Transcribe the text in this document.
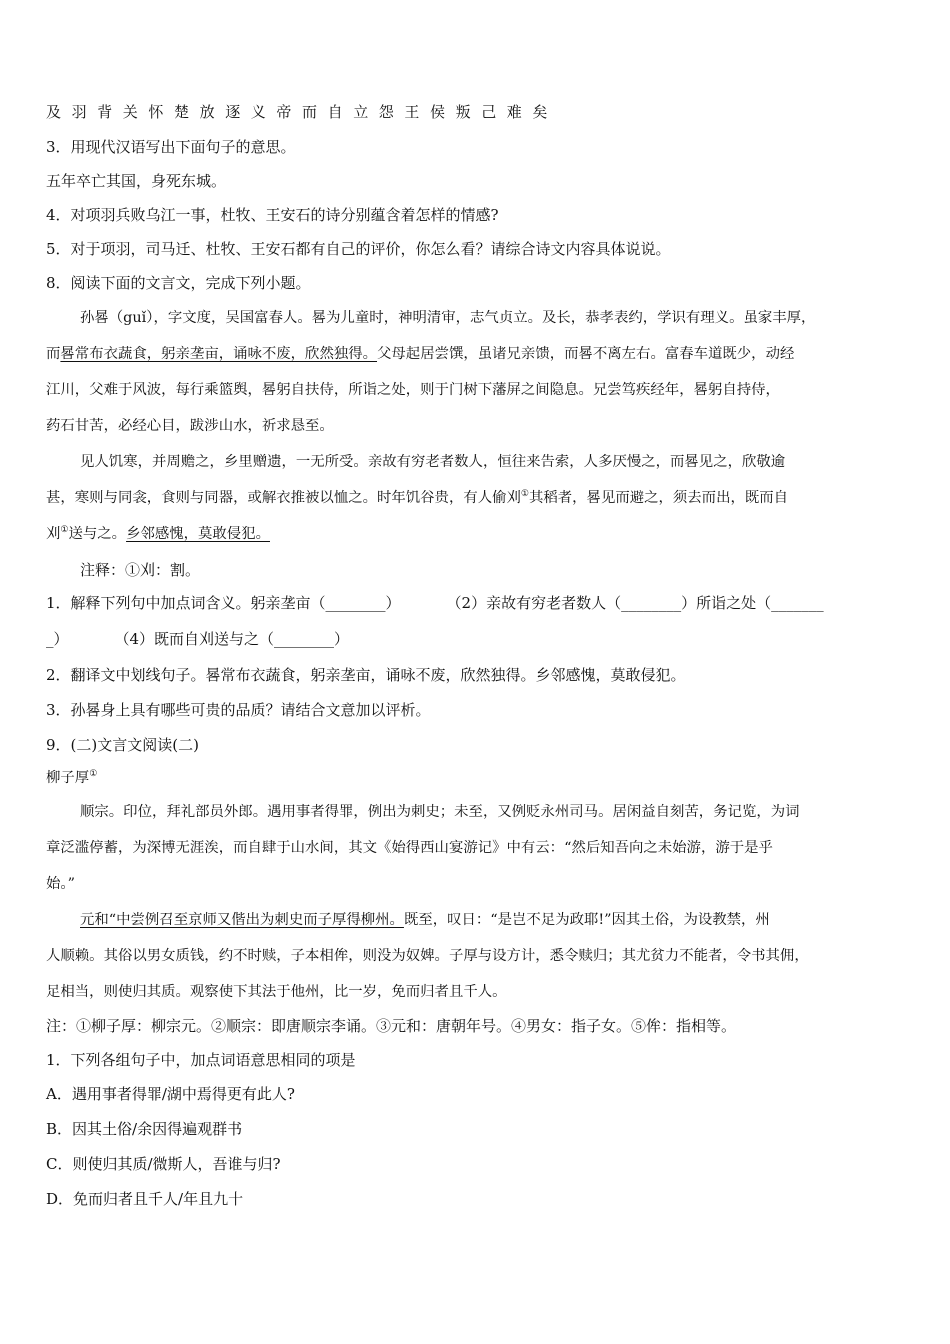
及羽背关怀楚放逐义帝而自立怨王侯叛己难矣
3．用现代汉语写出下面句子的意思。
五年卒亡其国，身死东城。
4．对项羽兵败乌江一事，杜牧、王安石的诗分别蕴含着怎样的情感?
5．对于项羽，司马迁、杜牧、王安石都有自己的评价，你怎么看？请综合诗文内容具体说说。
8．阅读下面的文言文，完成下列小题。
孙晷（guǐ），字文度，吴国富春人。晷为儿童时，神明清审，志气贞立。及长，恭孝表约，学识有理义。虽家丰厚，
而晷常布衣蔬食，躬亲垄亩，诵咏不废，欣然独得。父母起居尝馔，虽诸兄亲馈，而晷不离左右。富春车道既少，动经
江川，父难于风波，每行乘篮舆，晷躬自扶侍，所诣之处，则于门树下藩屏之间隐息。兄尝笃疾经年，晷躬自持侍，
药石甘苦，必经心目，跋涉山水，祈求恳至。
见人饥寒，并周赡之，乡里赠遗，一无所受。亲故有穷老者数人，恒往来告索，人多厌慢之，而晷见之，欣敬逾
甚，寒则与同衾，食则与同器，或解衣推被以恤之。时年饥谷贵，有人偷刈①其稻者，晷见而避之，须去而出，既而自
刈①送与之。乡邻感愧，莫敢侵犯。
注释：①刈：割。
1．解释下列句中加点词含义。躬亲垄亩（________）	（2）亲故有穷老者数人（________）所诣之处（_______
_）	（4）既而自刈送与之（________）
2．翻译文中划线句子。晷常布衣蔬食，躬亲垄亩，诵咏不废，欣然独得。乡邻感愧，莫敢侵犯。
3．孙晷身上具有哪些可贵的品质？请结合文意加以评析。
9．(二)文言文阅读(二)
柳子厚①
顺宗。印位，拜礼部员外郎。遇用事者得罪，例出为刺史；未至，又例贬永州司马。居闲益自刻苦，务记览，为词
章泛滥停蓄，为深博无涯涘，而自肆于山水间，其文《始得西山宴游记》中有云：“然后知吾向之未始游，游于是乎
始。”
元和“中尝例召至京师又偕出为刺史而子厚得柳州。既至，叹日：“是岂不足为政耶!”因其土俗，为设教禁，州
人顺赖。其俗以男女质钱，约不时赎，子本相侔，则没为奴婢。子厚与设方计，悉令赎归；其尤贫力不能者，令书其佣，
足相当，则使归其质。观察使下其法于他州，比一岁，免而归者且千人。
注：①柳子厚：柳宗元。②顺宗：即唐顺宗李诵。③元和：唐朝年号。④男女：指子女。⑤侔：指相等。
1．下列各组句子中，加点词语意思相同的项是
A．遇用事者得罪/湖中焉得更有此人?
B．因其土俗/余因得遍观群书
C．则使归其质/微斯人，吾谁与归?
D．免而归者且千人/年且九十
